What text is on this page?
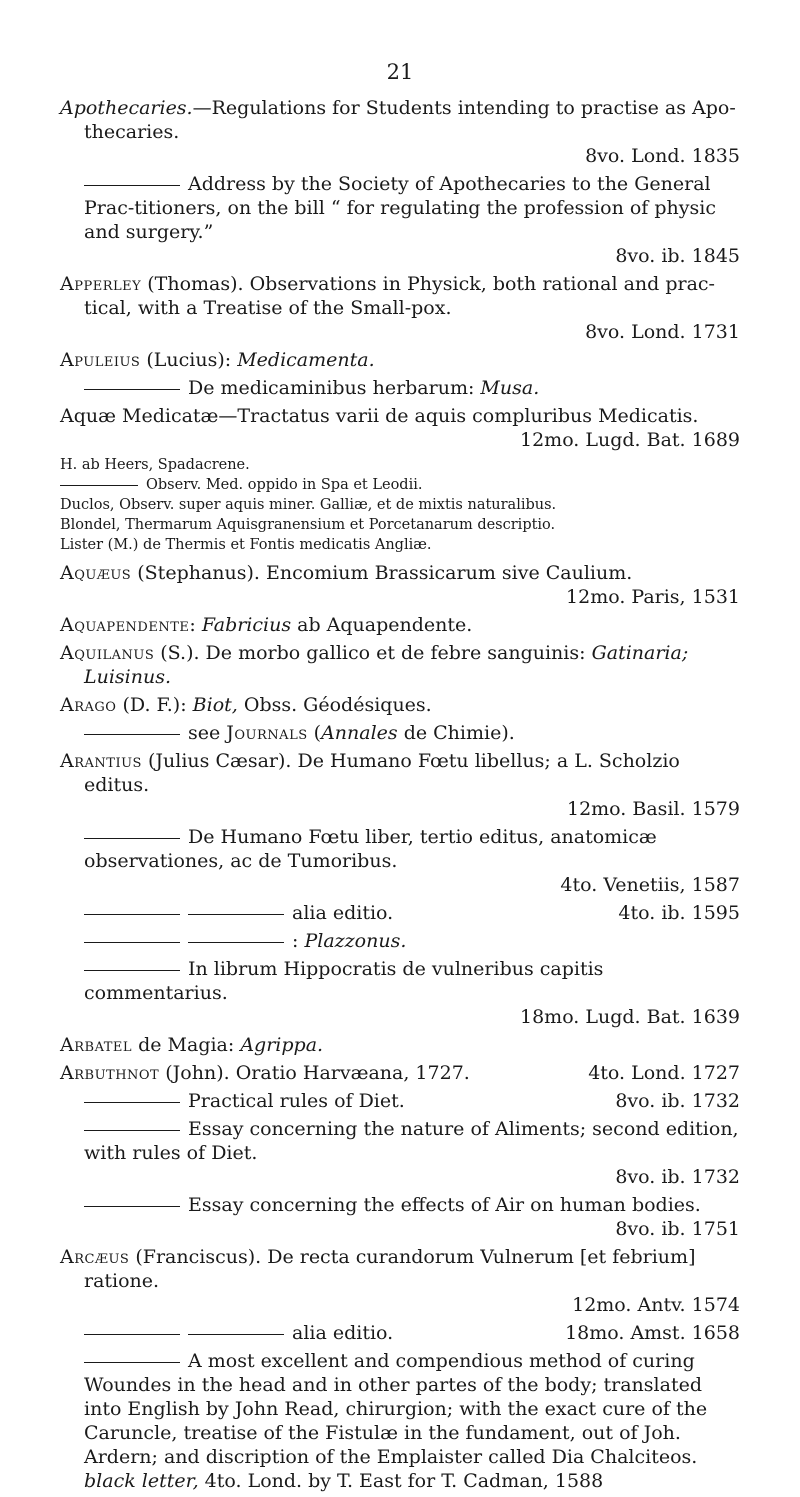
21

Apothecaries.—Regulations for Students intending to practise as Apo-thecaries.
8vo. Lond. 1835

Address by the Society of Apothecaries to the General Prac-titioners, on the bill “ for regulating the profession of physic and surgery.”
8vo. ib. 1845

Apperley (Thomas). Observations in Physick, both rational and prac-tical, with a Treatise of the Small-pox.
8vo. Lond. 1731

Apuleius (Lucius): Medicamenta.

De medicaminibus herbarum: Musa.

Aquæ Medicatæ—Tractatus varii de aquis compluribus Medicatis.
12mo. Lugd. Bat. 1689

H. ab Heers, Spadacrene.

Observ. Med. oppido in Spa et Leodii.

Duclos, Observ. super aquis miner. Galliæ, et de mixtis naturalibus.

Blondel, Thermarum Aquisgranensium et Porcetanarum descriptio.

Lister (M.) de Thermis et Fontis medicatis Angliæ.

Aquæus (Stephanus). Encomium Brassicarum sive Caulium.
12mo. Paris, 1531

Aquapendente: Fabricius ab Aquapendente.

Aquilanus (S.). De morbo gallico et de febre sanguinis: Gatinaria; Luisinus.

Arago (D. F.): Biot, Obss. Géodésiques.

see Journals (Annales de Chimie).

Arantius (Julius Cæsar). De Humano Fœtu libellus; a L. Scholzio editus.
12mo. Basil. 1579

De Humano Fœtu liber, tertio editus, anatomicæ observationes, ac de Tumoribus.
4to. Venetiis, 1587

alia editio.	4to. ib. 1595

: Plazzonus.

In librum Hippocratis de vulneribus capitis commentarius.
18mo. Lugd. Bat. 1639

Arbatel de Magia: Agrippa.

Arbuthnot (John). Oratio Harvæana, 1727.	4to. Lond. 1727

Practical rules of Diet.	8vo. ib. 1732

Essay concerning the nature of Aliments; second edition, with rules of Diet.
8vo. ib. 1732

Essay concerning the effects of Air on human bodies.
8vo. ib. 1751

Arcæus (Franciscus). De recta curandorum Vulnerum [et febrium] ratione.
12mo. Antv. 1574

alia editio.	18mo. Amst. 1658

A most excellent and compendious method of curing Woundes in the head and in other partes of the body; translated into English by John Read, chirurgion; with the exact cure of the Caruncle, treatise of the Fistulæ in the fundament, out of Joh. Ardern; and discription of the Emplaister called Dia Chalciteos. black letter, 4to. Lond. by T. East for T. Cadman, 1588
